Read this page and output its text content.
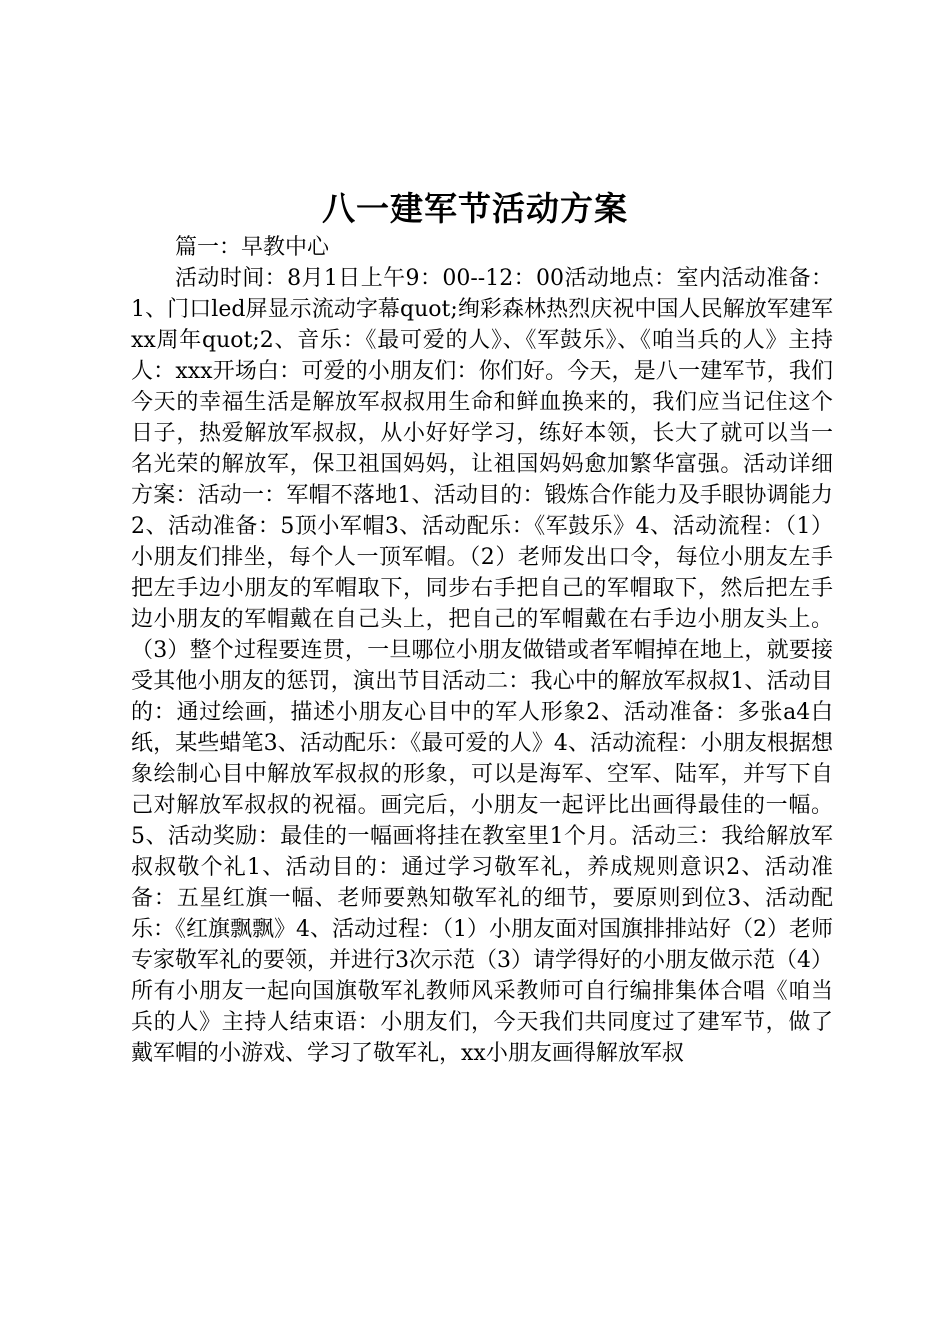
八一建军节活动方案

篇一：早教中心

活动时间：8月1日上午9：00--12：00活动地点：室内活动准备：1、门口led屏显示流动字幕quot;绚彩森林热烈庆祝中国人民解放军建军xx周年quot;2、音乐：《最可爱的人》、《军鼓乐》、《咱当兵的人》主持人：xxx开场白：可爱的小朋友们：你们好。今天，是八一建军节，我们今天的幸福生活是解放军叔叔用生命和鲜血换来的，我们应当记住这个日子，热爱解放军叔叔，从小好好学习，练好本领，长大了就可以当一名光荣的解放军，保卫祖国妈妈，让祖国妈妈愈加繁华富强。活动详细方案：活动一：军帽不落地1、活动目的：锻炼合作能力及手眼协调能力2、活动准备：5顶小军帽3、活动配乐：《军鼓乐》4、活动流程：（1）小朋友们排坐，每个人一顶军帽。（2）老师发出口令，每位小朋友左手把左手边小朋友的军帽取下，同步右手把自己的军帽取下，然后把左手边小朋友的军帽戴在自己头上，把自己的军帽戴在右手边小朋友头上。（3）整个过程要连贯，一旦哪位小朋友做错或者军帽掉在地上，就要接受其他小朋友的惩罚，演出节目活动二：我心中的解放军叔叔1、活动目的：通过绘画，描述小朋友心目中的军人形象2、活动准备：多张a4白纸，某些蜡笔3、活动配乐：《最可爱的人》4、活动流程：小朋友根据想象绘制心目中解放军叔叔的形象，可以是海军、空军、陆军，并写下自己对解放军叔叔的祝福。画完后，小朋友一起评比出画得最佳的一幅。5、活动奖励：最佳的一幅画将挂在教室里1个月。活动三：我给解放军叔叔敬个礼1、活动目的：通过学习敬军礼，养成规则意识2、活动准备：五星红旗一幅、老师要熟知敬军礼的细节，要原则到位3、活动配乐：《红旗飘飘》4、活动过程：（1）小朋友面对国旗排排站好（2）老师专家敬军礼的要领，并进行3次示范（3）请学得好的小朋友做示范（4）所有小朋友一起向国旗敬军礼教师风采教师可自行编排集体合唱《咱当兵的人》主持人结束语：小朋友们，今天我们共同度过了建军节，做了戴军帽的小游戏、学习了敬军礼，xx小朋友画得解放军叔
